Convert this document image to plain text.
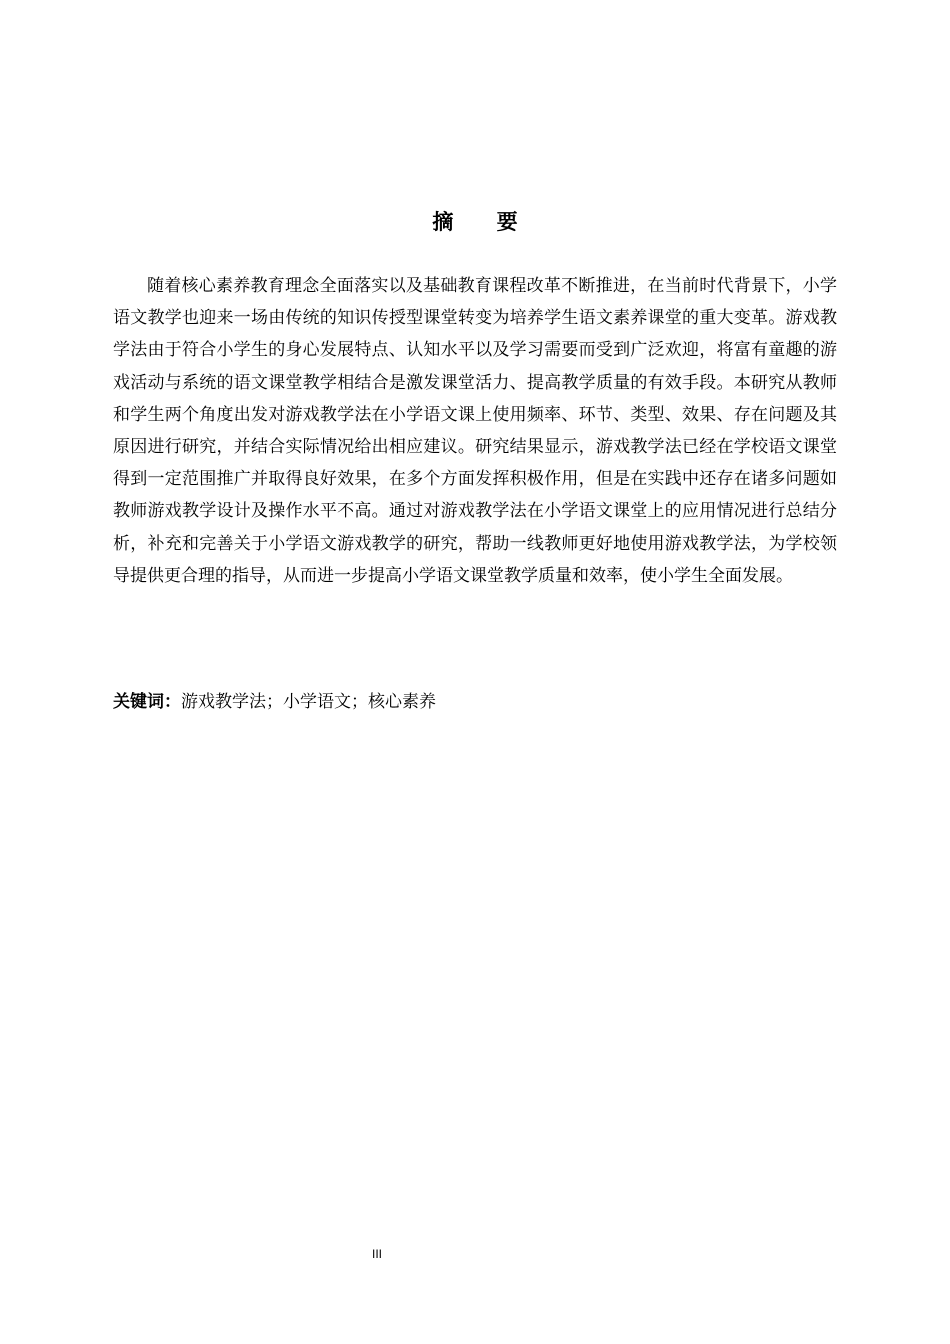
摘 要

随着核心素养教育理念全面落实以及基础教育课程改革不断推进，在当前时代背景下，小学语文教学也迎来一场由传统的知识传授型课堂转变为培养学生语文素养课堂的重大变革。游戏教学法由于符合小学生的身心发展特点、认知水平以及学习需要而受到广泛欢迎，将富有童趣的游戏活动与系统的语文课堂教学相结合是激发课堂活力、提高教学质量的有效手段。本研究从教师和学生两个角度出发对游戏教学法在小学语文课上使用频率、环节、类型、效果、存在问题及其原因进行研究，并结合实际情况给出相应建议。研究结果显示，游戏教学法已经在学校语文课堂得到一定范围推广并取得良好效果，在多个方面发挥积极作用，但是在实践中还存在诸多问题如教师游戏教学设计及操作水平不高。通过对游戏教学法在小学语文课堂上的应用情况进行总结分析，补充和完善关于小学语文游戏教学的研究，帮助一线教师更好地使用游戏教学法，为学校领导提供更合理的指导，从而进一步提高小学语文课堂教学质量和效率，使小学生全面发展。

关键词：游戏教学法；小学语文；核心素养
III
